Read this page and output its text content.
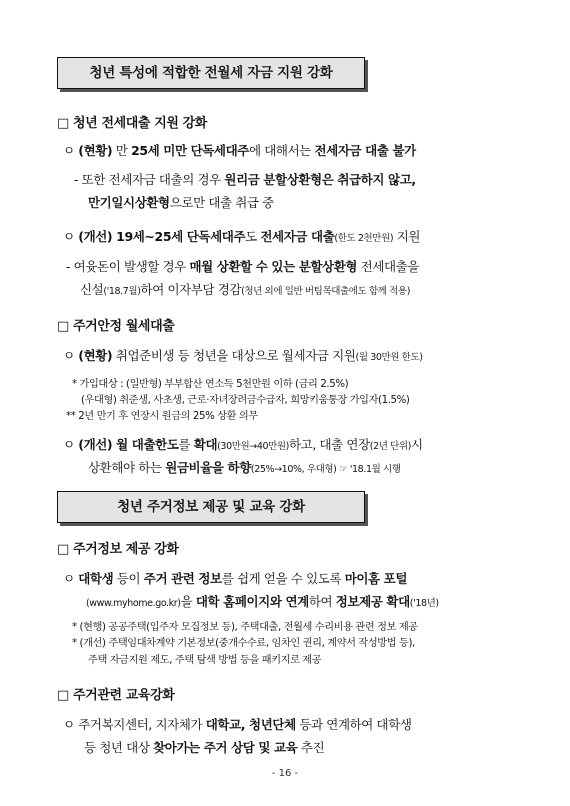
청년 특성에 적합한 전월세 자금 지원 강화
□ 청년 전세대출 지원 강화
ㅇ (현황) 만 25세 미만 단독세대주에 대해서는 전세자금 대출 불가
- 또한 전세자금 대출의 경우 원리금 분할상환형은 취급하지 않고,
만기일시상환형으로만 대출 취급 중
ㅇ (개선) 19세∼25세 단독세대주도 전세자금 대출(한도 2천만원) 지원
- 여윳돈이 발생할 경우 매월 상환할 수 있는 분할상환형 전세대출을
신설('18.7월)하여 이자부담 경감(청년 외에 일반 버팀목대출에도 함께 적용)
□ 주거안정 월세대출
ㅇ (현황) 취업준비생 등 청년을 대상으로 월세자금 지원(월 30만원 한도)
* 가입대상 : (일반형) 부부합산 연소득 5천만원 이하 (금리 2.5%)
(우대형) 취준생, 사초생, 근로·자녀장려금수급자, 희망키움통장 가입자(1.5%)
** 2년 만기 후 연장시 원금의 25% 상환 의무
ㅇ (개선) 월 대출한도를 확대(30만원→40만원)하고, 대출 연장(2년 단위)시
상환해야 하는 원금비율을 하향(25%→10%, 우대형) ☞ '18.1월 시행
청년 주거정보 제공 및 교육 강화
□ 주거정보 제공 강화
ㅇ 대학생 등이 주거 관련 정보를 쉽게 얻을 수 있도록 마이홈 포털
(www.myhome.go.kr)을 대학 홈페이지와 연계하여 정보제공 확대('18년)
* (현행) 공공주택(입주자 모집정보 등), 주택대출, 전월세 수리비용 관련 정보 제공
* (개선) 주택임대차계약 기본정보(중개수수료, 임차인 권리, 계약서 작성방법 등),
주택 자금지원 제도, 주택 탐색 방법 등을 패키지로 제공
□ 주거관련 교육강화
ㅇ 주거복지센터, 지자체가 대학교, 청년단체 등과 연계하여 대학생
등 청년 대상 찾아가는 주거 상담 및 교육 추진
- 16 -
